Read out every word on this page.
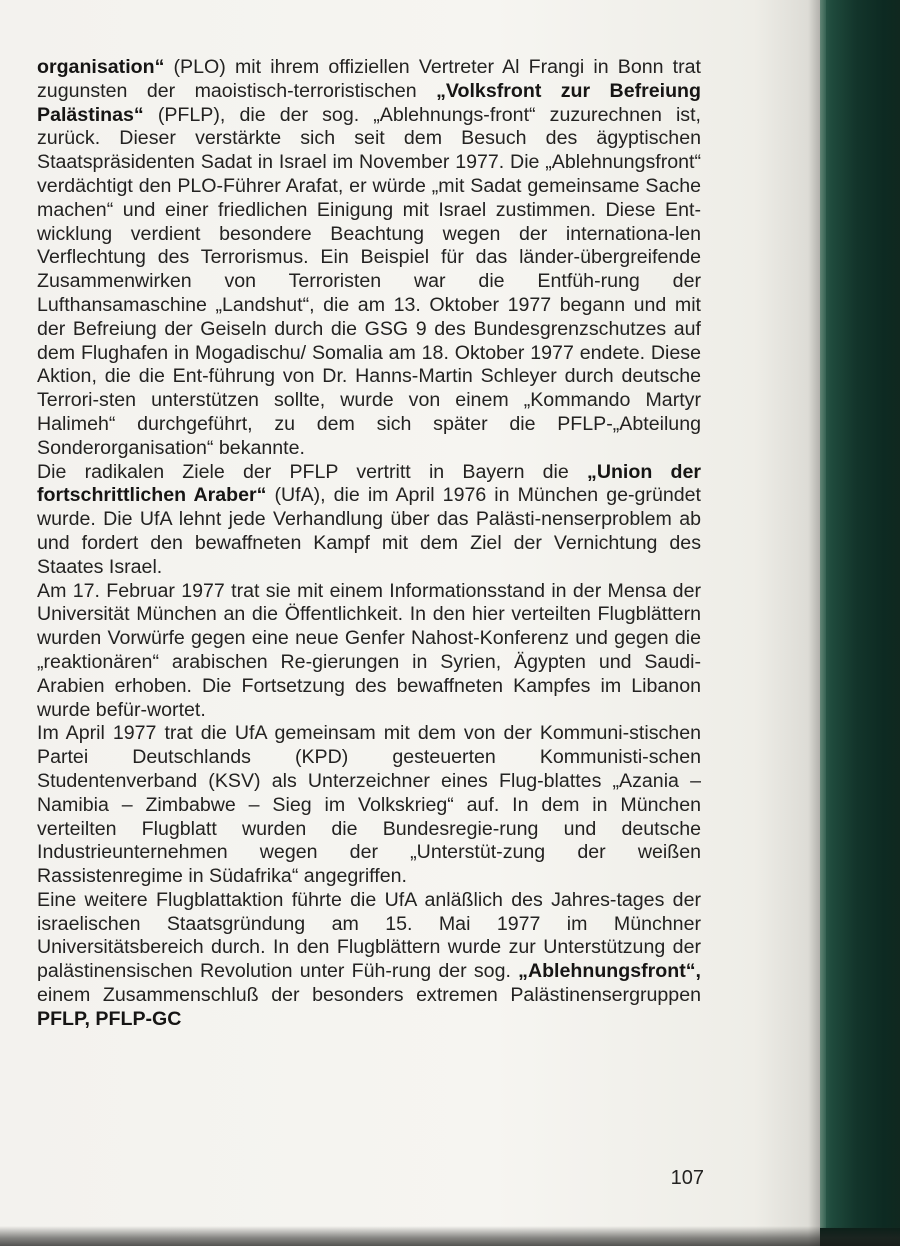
organisation“ (PLO) mit ihrem offiziellen Vertreter Al Frangi in Bonn trat zugunsten der maoistisch-terroristischen „Volksfront zur Befreiung Palästinas“ (PFLP), die der sog. „Ablehnungs-front“ zuzurechnen ist, zurück. Dieser verstärkte sich seit dem Besuch des ägyptischen Staatspräsidenten Sadat in Israel im November 1977. Die „Ablehnungsfront“ verdächtigt den PLO-Führer Arafat, er würde „mit Sadat gemeinsame Sache machen“ und einer friedlichen Einigung mit Israel zustimmen. Diese Ent-wicklung verdient besondere Beachtung wegen der internationa-len Verflechtung des Terrorismus. Ein Beispiel für das länder-übergreifende Zusammenwirken von Terroristen war die Entfüh-rung der Lufthansamaschine „Landshut“, die am 13. Oktober 1977 begann und mit der Befreiung der Geiseln durch die GSG 9 des Bundesgrenzschutzes auf dem Flughafen in Mogadischu/ Somalia am 18. Oktober 1977 endete. Diese Aktion, die die Ent-führung von Dr. Hanns-Martin Schleyer durch deutsche Terrori-sten unterstützen sollte, wurde von einem „Kommando Martyr Halimeh“ durchgeführt, zu dem sich später die PFLP-„Abteilung Sonderorganisation“ bekannte.

Die radikalen Ziele der PFLP vertritt in Bayern die „Union der fortschrittlichen Araber“ (UfA), die im April 1976 in München ge-gründet wurde. Die UfA lehnt jede Verhandlung über das Palästi-nenserproblem ab und fordert den bewaffneten Kampf mit dem Ziel der Vernichtung des Staates Israel.

Am 17. Februar 1977 trat sie mit einem Informationsstand in der Mensa der Universität München an die Öffentlichkeit. In den hier verteilten Flugblättern wurden Vorwürfe gegen eine neue Genfer Nahost-Konferenz und gegen die „reaktionären“ arabischen Re-gierungen in Syrien, Ägypten und Saudi-Arabien erhoben. Die Fortsetzung des bewaffneten Kampfes im Libanon wurde befür-wortet.

Im April 1977 trat die UfA gemeinsam mit dem von der Kommuni-stischen Partei Deutschlands (KPD) gesteuerten Kommunisti-schen Studentenverband (KSV) als Unterzeichner eines Flug-blattes „Azania – Namibia – Zimbabwe – Sieg im Volkskrieg“ auf. In dem in München verteilten Flugblatt wurden die Bundesregie-rung und deutsche Industrieunternehmen wegen der „Unterstüt-zung der weißen Rassistenregime in Südafrika“ angegriffen.

Eine weitere Flugblattaktion führte die UfA anläßlich des Jahres-tages der israelischen Staatsgründung am 15. Mai 1977 im Münchner Universitätsbereich durch. In den Flugblättern wurde zur Unterstützung der palästinensischen Revolution unter Füh-rung der sog. „Ablehnungsfront“, einem Zusammenschluß der besonders extremen Palästinensergruppen PFLP, PFLP-GC

107
